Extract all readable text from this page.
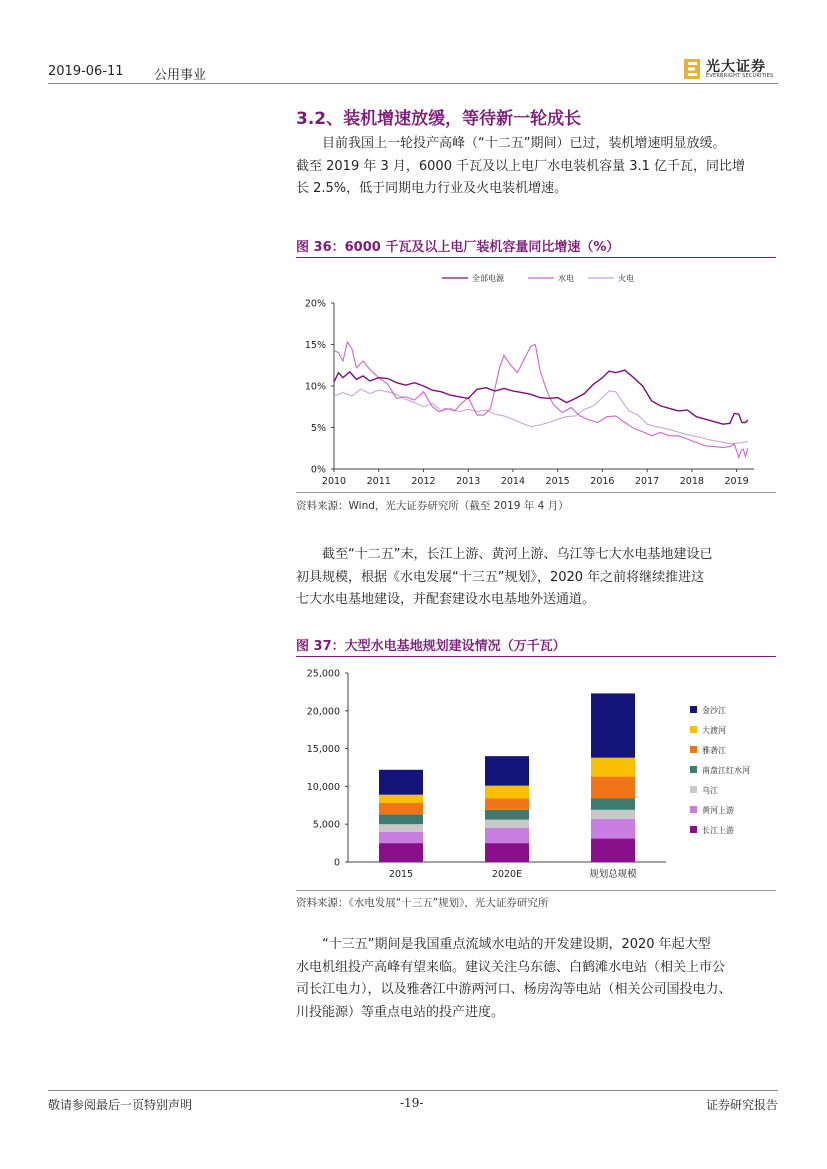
2019-06-11 公用事业
光大证券
EVERBRIGHT SECURITIES
3.2、装机增速放缓，等待新一轮成长
目前我国上一轮投产高峰（“十二五”期间）已过，装机增速明显放缓。
截至 2019 年 3 月，6000 千瓦及以上电厂水电装机容量 3.1 亿千瓦，同比增
长 2.5%，低于同期电力行业及火电装机增速。
图 36：6000 千瓦及以上电厂装机容量同比增速（%）
0%
5%
10%
15%
20%
2010 2011 2012 2013 2014 2015 2016 2017 2018 2019
全部电源	水电	火电
资料来源：Wind，光大证券研究所（截至 2019 年 4 月）
截至“十二五”末，长江上游、黄河上游、乌江等七大水电基地建设已
初具规模，根据《水电发展“十三五”规划》，2020 年之前将继续推进这
七大水电基地建设，并配套建设水电基地外送通道。
图 37：大型水电基地规划建设情况（万千瓦）
0
5,000
10,000
15,000
20,000
25,000
2015	2020E	规划总规模
金沙江
大渡河
雅砻江
南盘江红水河
乌江
黄河上游
长江上游
资料来源：《水电发展“十三五”规划》，光大证券研究所
“十三五”期间是我国重点流域水电站的开发建设期，2020 年起大型
水电机组投产高峰有望来临。建议关注乌东德、白鹤滩水电站（相关上市公
司长江电力），以及雅砻江中游两河口、杨房沟等电站（相关公司国投电力、
川投能源）等重点电站的投产进度。
敬请参阅最后一页特别声明	-19-	证券研究报告
